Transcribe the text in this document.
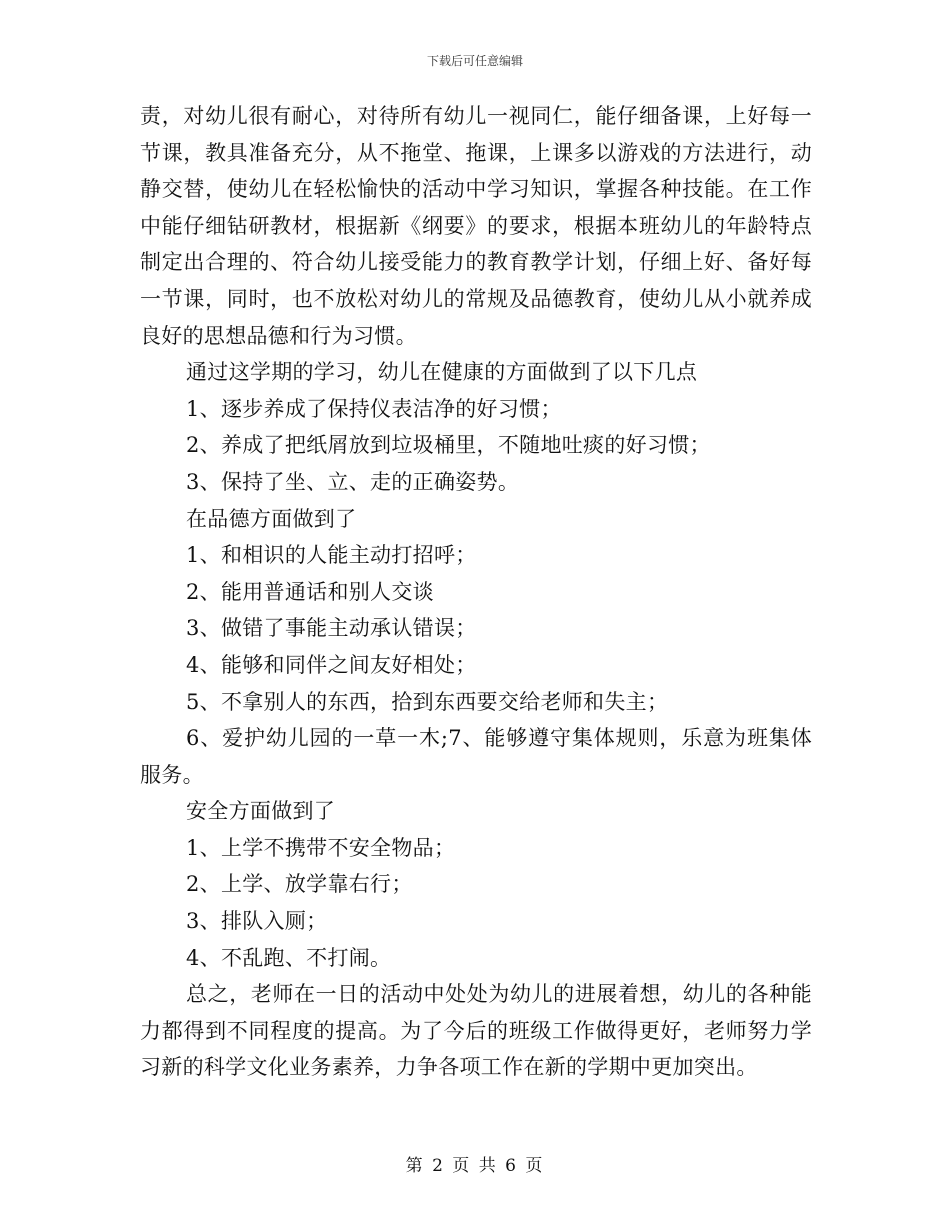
下载后可任意编辑

责，对幼儿很有耐心，对待所有幼儿一视同仁，能仔细备课，上好每一节课，教具准备充分，从不拖堂、拖课，上课多以游戏的方法进行，动静交替，使幼儿在轻松愉快的活动中学习知识，掌握各种技能。在工作中能仔细钻研教材，根据新《纲要》的要求，根据本班幼儿的年龄特点制定出合理的、符合幼儿接受能力的教育教学计划，仔细上好、备好每一节课，同时，也不放松对幼儿的常规及品德教育，使幼儿从小就养成良好的思想品德和行为习惯。

通过这学期的学习，幼儿在健康的方面做到了以下几点

1、逐步养成了保持仪表洁净的好习惯；

2、养成了把纸屑放到垃圾桶里，不随地吐痰的好习惯；

3、保持了坐、立、走的正确姿势。

在品德方面做到了

1、和相识的人能主动打招呼；

2、能用普通话和别人交谈

3、做错了事能主动承认错误；

4、能够和同伴之间友好相处；

5、不拿别人的东西，拾到东西要交给老师和失主；

6、爱护幼儿园的一草一木;7、能够遵守集体规则，乐意为班集体服务。

安全方面做到了

1、上学不携带不安全物品；

2、上学、放学靠右行；

3、排队入厕；

4、不乱跑、不打闹。

总之，老师在一日的活动中处处为幼儿的进展着想，幼儿的各种能力都得到不同程度的提高。为了今后的班级工作做得更好，老师努力学习新的科学文化业务素养，力争各项工作在新的学期中更加突出。

第 2 页 共 6 页
